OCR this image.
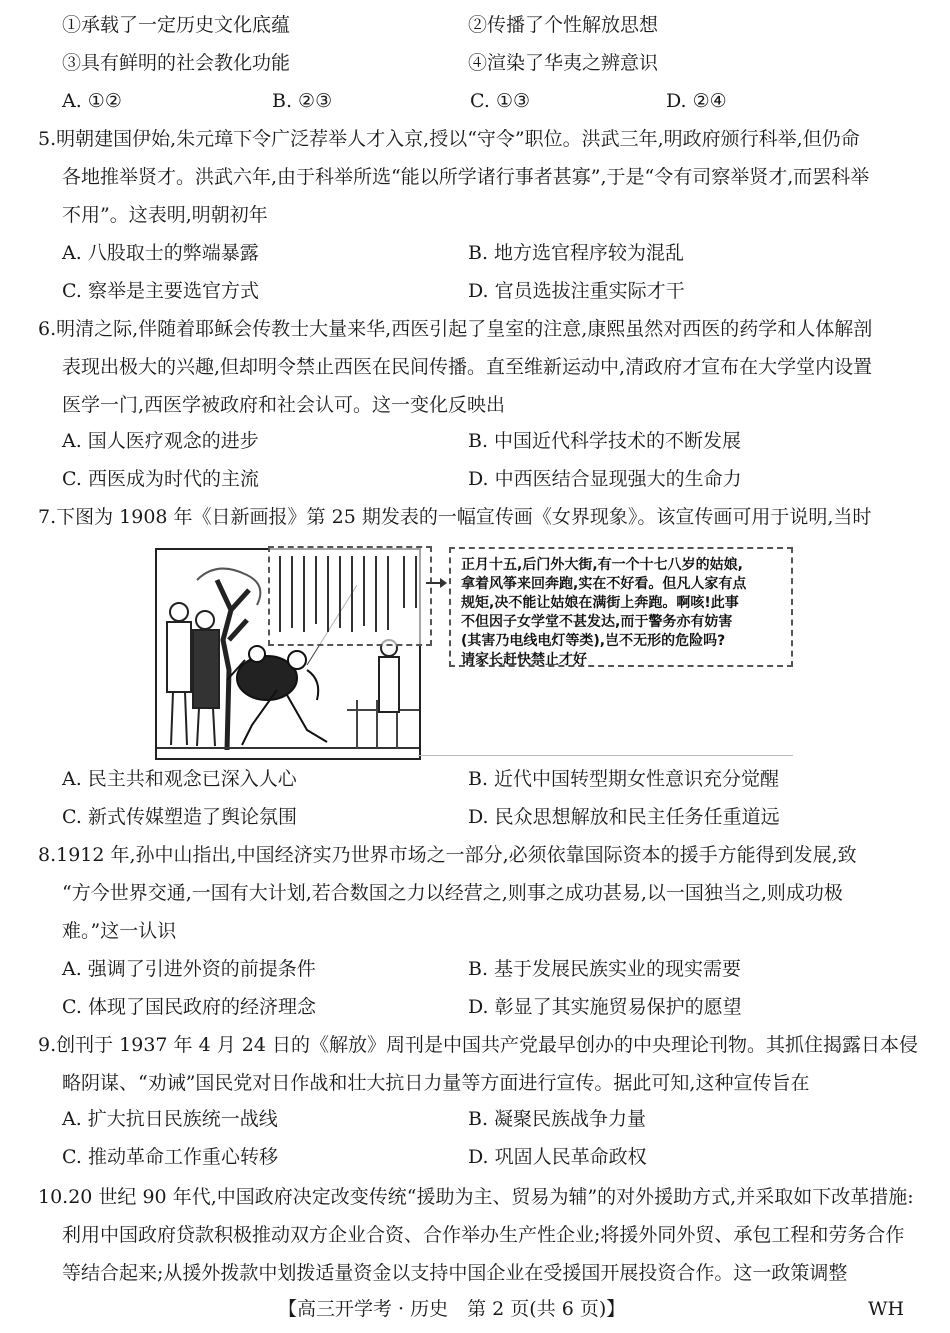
①承载了一定历史文化底蕴	②传播了个性解放思想
③具有鲜明的社会教化功能	④渲染了华夷之辨意识
A. ①②	B. ②③	C. ①③	D. ②④
5.明朝建国伊始,朱元璋下令广泛荐举人才入京,授以“守令”职位。洪武三年,明政府颁行科举,但仍命
各地推举贤才。洪武六年,由于科举所选“能以所学诸行事者甚寡”,于是“令有司察举贤才,而罢科举
不用”。这表明,明朝初年
A. 八股取士的弊端暴露	B. 地方选官程序较为混乱
C. 察举是主要选官方式	D. 官员选拔注重实际才干
6.明清之际,伴随着耶稣会传教士大量来华,西医引起了皇室的注意,康熙虽然对西医的药学和人体解剖
表现出极大的兴趣,但却明令禁止西医在民间传播。直至维新运动中,清政府才宣布在大学堂内设置
医学一门,西医学被政府和社会认可。这一变化反映出
A. 国人医疗观念的进步	B. 中国近代科学技术的不断发展
C. 西医成为时代的主流	D. 中西医结合显现强大的生命力
7.下图为 1908 年《日新画报》第 25 期发表的一幅宣传画《女界现象》。该宣传画可用于说明,当时
正月十五,后门外大街,有一个十七八岁的姑娘,
拿着风筝来回奔跑,实在不好看。但凡人家有点
规矩,决不能让姑娘在满街上奔跑。啊咳!此事
不但因子女学堂不甚发达,而于警务亦有妨害
(其害乃电线电灯等类),岂不无形的危险吗?
请家长赶快禁止才好
A. 民主共和观念已深入人心	B. 近代中国转型期女性意识充分觉醒
C. 新式传媒塑造了舆论氛围	D. 民众思想解放和民主任务任重道远
8.1912 年,孙中山指出,中国经济实乃世界市场之一部分,必须依靠国际资本的援手方能得到发展,致
“方今世界交通,一国有大计划,若合数国之力以经营之,则事之成功甚易,以一国独当之,则成功极
难。”这一认识
A. 强调了引进外资的前提条件	B. 基于发展民族实业的现实需要
C. 体现了国民政府的经济理念	D. 彰显了其实施贸易保护的愿望
9.创刊于 1937 年 4 月 24 日的《解放》周刊是中国共产党最早创办的中央理论刊物。其抓住揭露日本侵
略阴谋、“劝诫”国民党对日作战和壮大抗日力量等方面进行宣传。据此可知,这种宣传旨在
A. 扩大抗日民族统一战线	B. 凝聚民族战争力量
C. 推动革命工作重心转移	D. 巩固人民革命政权
10.20 世纪 90 年代,中国政府决定改变传统“援助为主、贸易为辅”的对外援助方式,并采取如下改革措施:
利用中国政府贷款积极推动双方企业合资、合作举办生产性企业;将援外同外贸、承包工程和劳务合作
等结合起来;从援外拨款中划拨适量资金以支持中国企业在受援国开展投资合作。这一政策调整
【高三开学考 · 历史　第 2 页(共 6 页)】	WH
